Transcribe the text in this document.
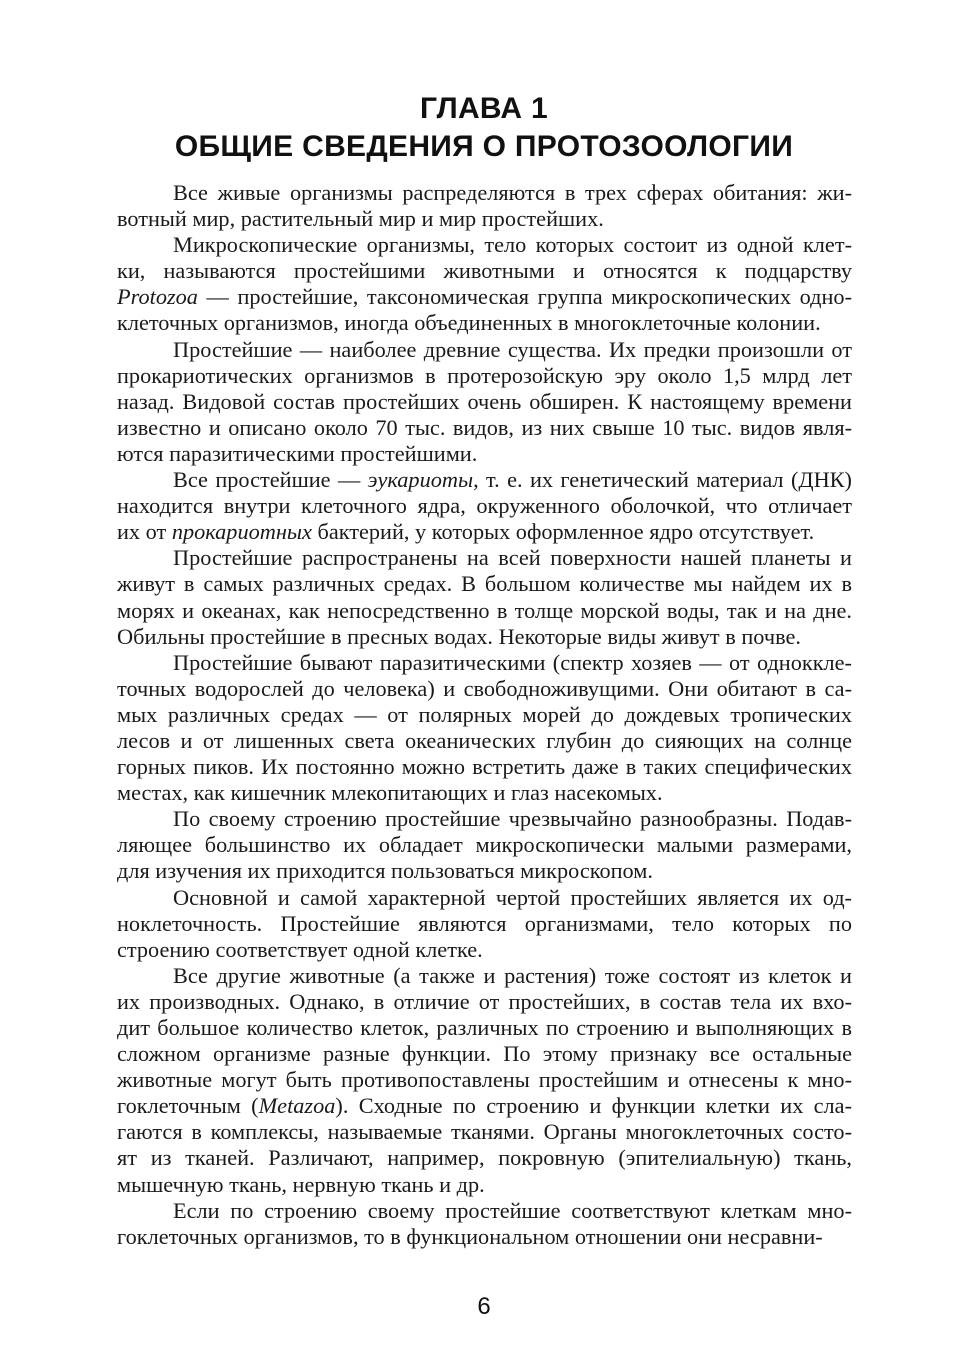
ГЛАВА 1
ОБЩИЕ СВЕДЕНИЯ О ПРОТОЗООЛОГИИ

Все живые организмы распределяются в трех сферах обитания: жи-
вотный мир, растительный мир и мир простейших.

Микроскопические организмы, тело которых состоит из одной клет-
ки, называются простейшими животными и относятся к подцарству
Protozoa — простейшие, таксономическая группа микроскопических одно-
клеточных организмов, иногда объединенных в многоклеточные колонии.

Простейшие — наиболее древние существа. Их предки произошли от
прокариотических организмов в протерозойскую эру около 1,5 млрд лет
назад. Видовой состав простейших очень обширен. К настоящему времени
известно и описано около 70 тыс. видов, из них свыше 10 тыс. видов явля-
ются паразитическими простейшими.

Все простейшие — эукариоты, т. е. их генетический материал (ДНК)
находится внутри клеточного ядра, окруженного оболочкой, что отличает
их от прокариотных бактерий, у которых оформленное ядро отсутствует.

Простейшие распространены на всей поверхности нашей планеты и
живут в самых различных средах. В большом количестве мы найдем их в
морях и океанах, как непосредственно в толще морской воды, так и на дне.
Обильны простейшие в пресных водах. Некоторые виды живут в почве.

Простейшие бывают паразитическими (спектр хозяев — от одноккле-
точных водорослей до человека) и свободноживущими. Они обитают в са-
мых различных средах — от полярных морей до дождевых тропических
лесов и от лишенных света океанических глубин до сияющих на солнце
горных пиков. Их постоянно можно встретить даже в таких специфических
местах, как кишечник млекопитающих и глаз насекомых.

По своему строению простейшие чрезвычайно разнообразны. Подав-
ляющее большинство их обладает микроскопически малыми размерами,
для изучения их приходится пользоваться микроскопом.

Основной и самой характерной чертой простейших является их од-
ноклеточность. Простейшие являются организмами, тело которых по
строению соответствует одной клетке.

Все другие животные (а также и растения) тоже состоят из клеток и
их производных. Однако, в отличие от простейших, в состав тела их вхо-
дит большое количество клеток, различных по строению и выполняющих в
сложном организме разные функции. По этому признаку все остальные
животные могут быть противопоставлены простейшим и отнесены к мно-
гоклеточным (Metazoa). Сходные по строению и функции клетки их сла-
гаются в комплексы, называемые тканями. Органы многоклеточных состо-
ят из тканей. Различают, например, покровную (эпителиальную) ткань,
мышечную ткань, нервную ткань и др.

Если по строению своему простейшие соответствуют клеткам мно-
гоклеточных организмов, то в функциональном отношении они несравни-

6
